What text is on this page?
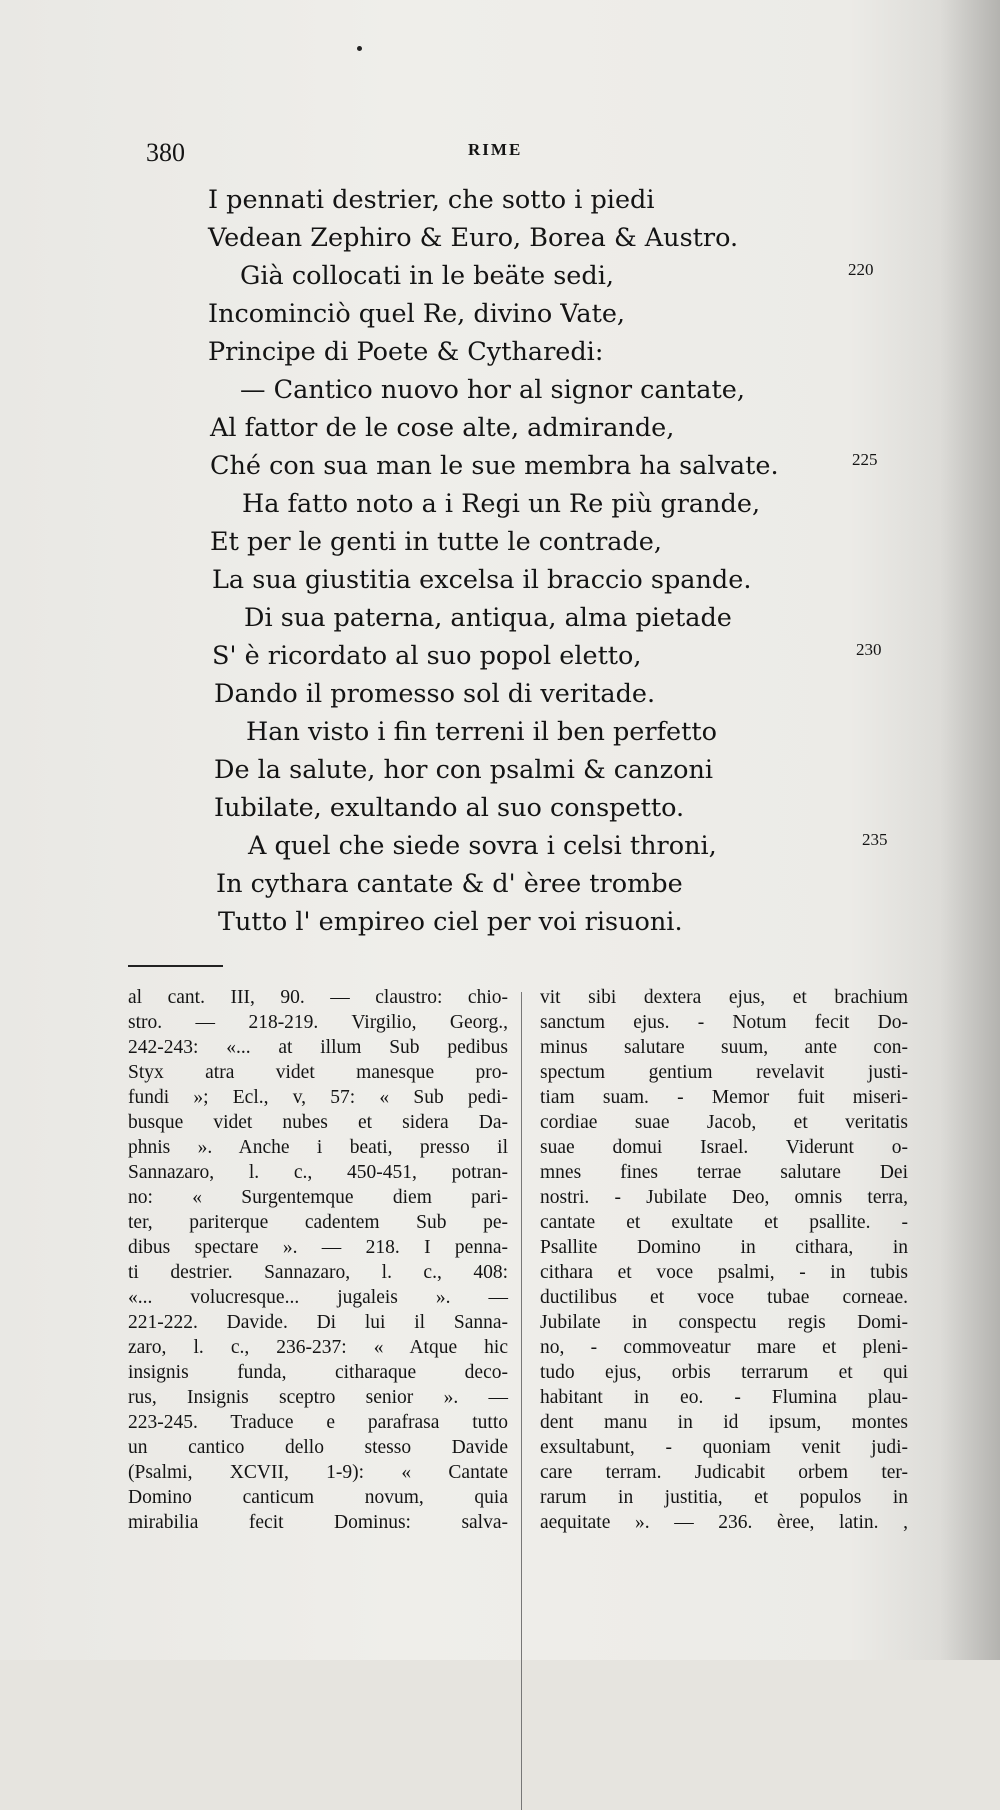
380	RIME
I pennati destrier, che sotto i piedi
Vedean Zephiro & Euro, Borea & Austro.
Già collocati in le beäte sedi,
Incominciò quel Re, divino Vate,
Principe di Poete & Cytharedi:
— Cantico nuovo hor al signor cantate,
Al fattor de le cose alte, admirande,
Ché con sua man le sue membra ha salvate.
Ha fatto noto a i Regi un Re più grande,
Et per le genti in tutte le contrade,
La sua giustitia excelsa il braccio spande.
Di sua paterna, antiqua, alma pietade
S' è ricordato al suo popol eletto,
Dando il promesso sol di veritade.
Han visto i fin terreni il ben perfetto
De la salute, hor con psalmi & canzoni
Iubilate, exultando al suo conspetto.
A quel che siede sovra i celsi throni,
In cythara cantate & d' èree trombe
Tutto l' empireo ciel per voi risuoni.
220
225
230
235
al cant. III, 90. — claustro: chio-
stro. — 218-219. Virgilio, Georg.,
242-243: «... at illum Sub pedibus
Styx atra videt manesque pro-
fundi »; Ecl., v, 57: « Sub pedi-
busque videt nubes et sidera Da-
phnis ». Anche i beati, presso il
Sannazaro, l. c., 450-451, potran-
no: « Surgentemque diem pari-
ter, pariterque cadentem Sub pe-
dibus spectare ». — 218. I penna-
ti destrier. Sannazaro, l. c., 408:
«... volucresque... jugaleis ». —
221-222. Davide. Di lui il Sanna-
zaro, l. c., 236-237: « Atque hic
insignis funda, citharaque deco-
rus, Insignis sceptro senior ». —
223-245. Traduce e parafrasa tutto
un cantico dello stesso Davide
(Psalmi, XCVII, 1-9): « Cantate
Domino canticum novum, quia
mirabilia fecit Dominus: salva-
vit sibi dextera ejus, et brachium
sanctum ejus. - Notum fecit Do-
minus salutare suum, ante con-
spectum gentium revelavit justi-
tiam suam. - Memor fuit miseri-
cordiae suae Jacob, et veritatis
suae domui Israel. Viderunt o-
mnes fines terrae salutare Dei
nostri. - Jubilate Deo, omnis terra,
cantate et exultate et psallite. -
Psallite Domino in cithara, in
cithara et voce psalmi, - in tubis
ductilibus et voce tubae corneae.
Jubilate in conspectu regis Domi-
no, - commoveatur mare et pleni-
tudo ejus, orbis terrarum et qui
habitant in eo. - Flumina plau-
dent manu in id ipsum, montes
exsultabunt, - quoniam venit judi-
care terram. Judicabit orbem ter-
rarum in justitia, et populos in
aequitate ». — 236. èree, latin. ,
